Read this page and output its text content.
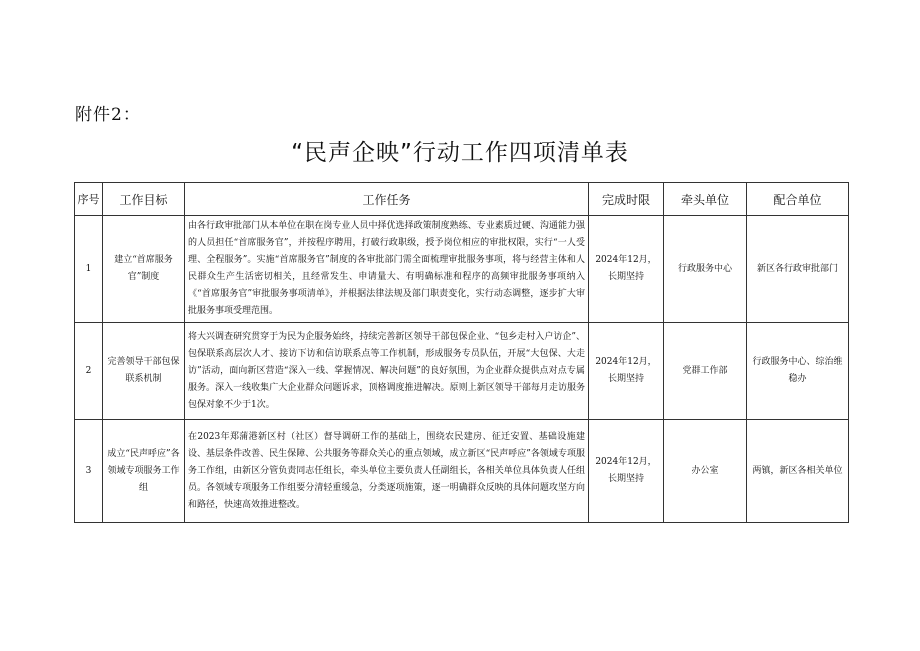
附件2：
“民声企映”行动工作四项清单表
序号	工作目标	工作任务	完成时限	牵头单位	配合单位
1	建立“首席服务官”制度	由各行政审批部门从本单位在职在岗专业人员中择优选择政策制度熟练、专业素质过硬、沟通能力强的人员担任“首席服务官”，并按程序聘用，打破行政职级，授予岗位相应的审批权限，实行“一人受理、全程服务”。实施“首席服务官”制度的各审批部门需全面梳理审批服务事项，将与经营主体和人民群众生产生活密切相关，且经常发生、申请量大、有明确标准和程序的高频审批服务事项纳入《“首席服务官”审批服务事项清单》，并根据法律法规及部门职责变化，实行动态调整，逐步扩大审批服务事项受理范围。	2024年12月，长期坚持	行政服务中心	新区各行政审批部门
2	完善领导干部包保联系机制	将大兴调查研究贯穿于为民为企服务始终，持续完善新区领导干部包保企业、“包乡走村入户访企”、包保联系高层次人才、接访下访和信访联系点等工作机制，形成服务专员队伍，开展“大包保、大走访”活动，面向新区营造“深入一线、掌握情况、解决问题”的良好氛围，为企业群众提供点对点专属服务。深入一线收集广大企业群众问题诉求，顶格调度推进解决。原则上新区领导干部每月走访服务包保对象不少于1次。	2024年12月，长期坚持	党群工作部	行政服务中心、综治维稳办
3	成立“民声呼应”各领域专项服务工作组	在2023年郑蒲港新区村（社区）督导调研工作的基础上，围绕农民建房、征迁安置、基础设施建设、基层条件改善、民生保障、公共服务等群众关心的重点领域，成立新区“民声呼应”各领域专项服务工作组，由新区分管负责同志任组长，牵头单位主要负责人任副组长，各相关单位具体负责人任组员。各领域专项服务工作组要分清轻重缓急，分类逐项施策，逐一明确群众反映的具体问题攻坚方向和路径，快速高效推进整改。	2024年12月，长期坚持	办公室	两镇，新区各相关单位
